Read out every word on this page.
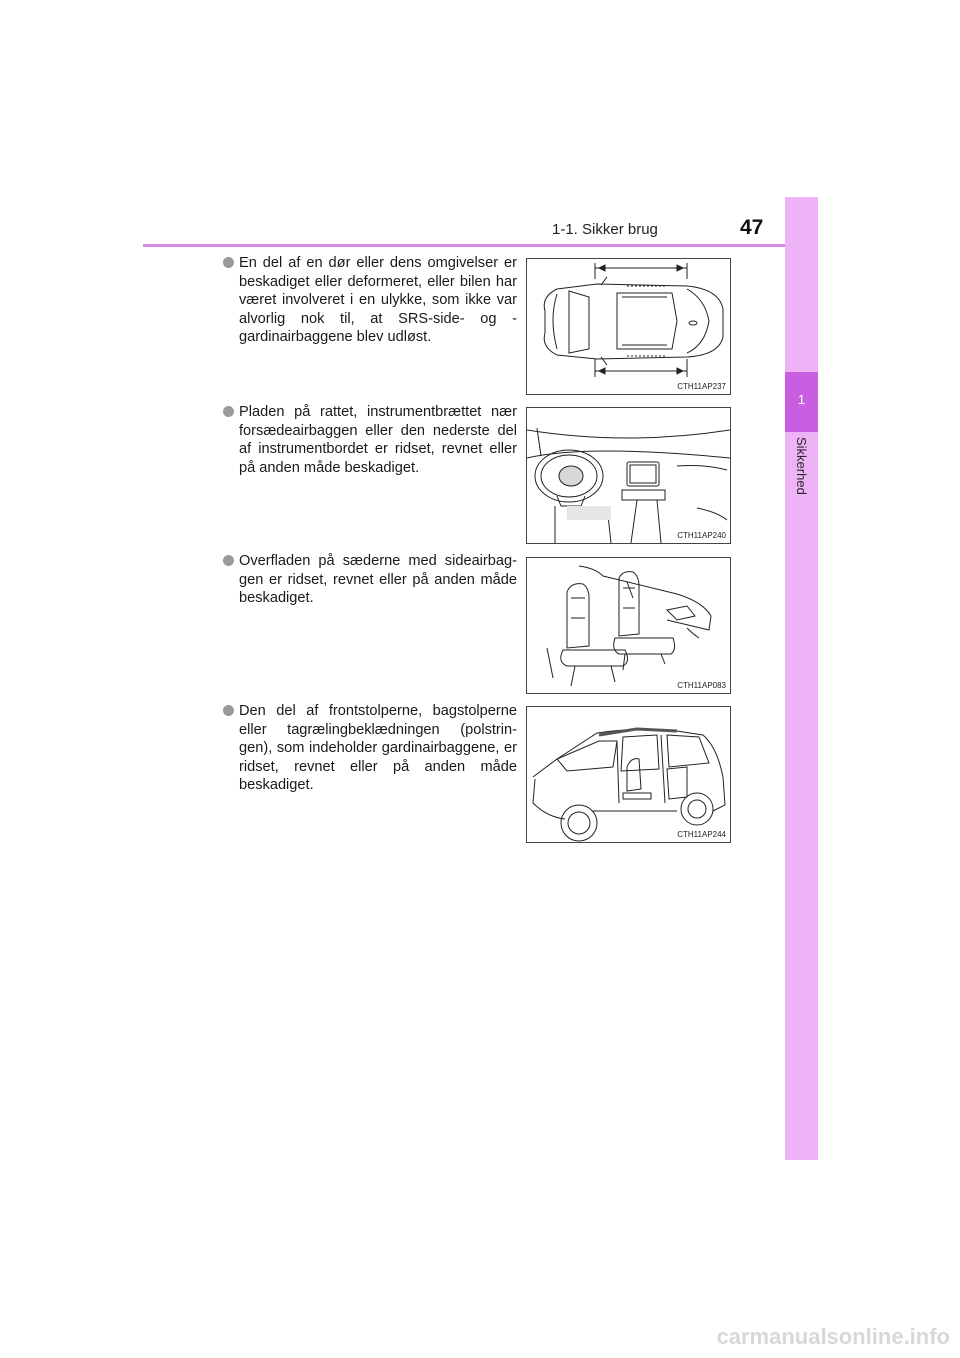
1-1. Sikker brug	47
1
Sikkerhed
En del af en dør eller dens omgivelser er beskadiget eller deformeret, eller bilen har været involveret i en ulykke, som ikke var alvorlig nok til, at SRS-side- og -gardinairbaggene blev udløst.
CTH11AP237
Pladen på rattet, instrumentbrættet nær forsædeairbaggen eller den nederste del af instrumentbordet er ridset, revnet eller på anden måde beskadiget.
CTH11AP240
Overfladen på sæderne med sideairbag-gen er ridset, revnet eller på anden måde beskadiget.
CTH11AP083
Den del af frontstolperne, bagstolperne eller tagrælingbeklædningen (polstrin-gen), som indeholder gardinairbaggene, er ridset, revnet eller på anden måde beskadiget.
CTH11AP244
carmanualsonline.info
